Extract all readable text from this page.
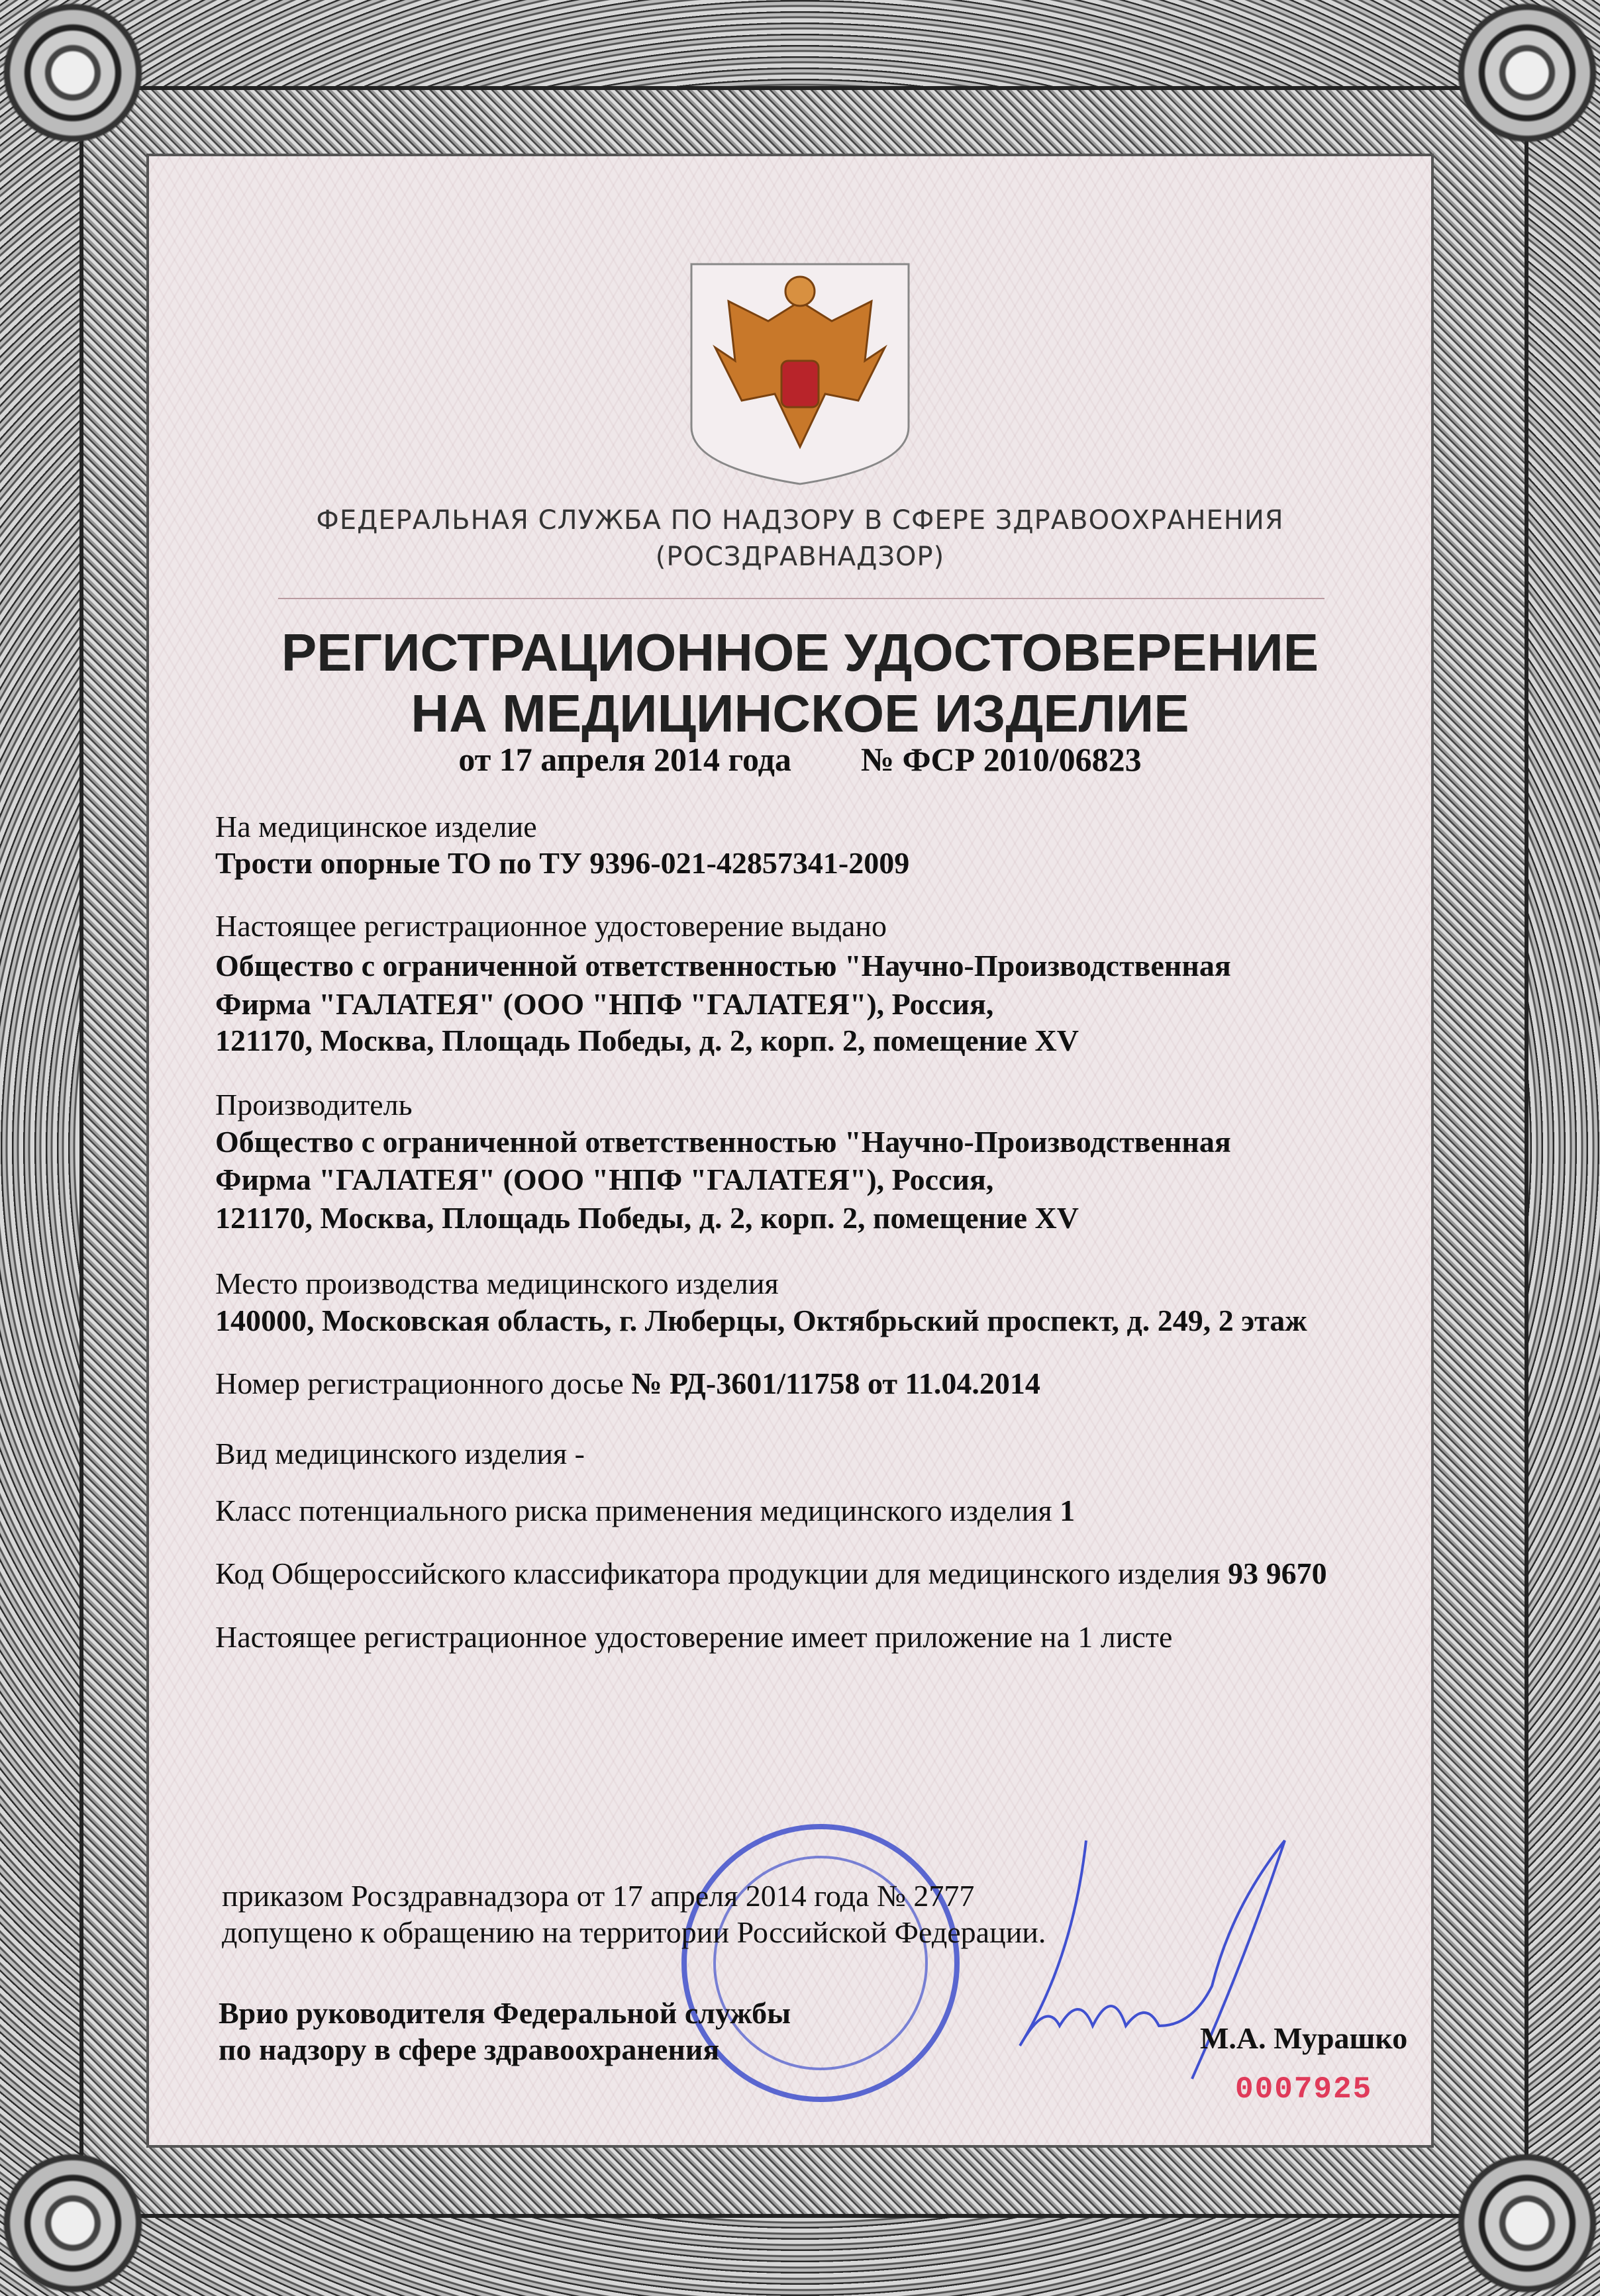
ФЕДЕРАЛЬНАЯ СЛУЖБА ПО НАДЗОРУ В СФЕРЕ ЗДРАВООХРАНЕНИЯ
(РОСЗДРАВНАДЗОР)
РЕГИСТРАЦИОННОЕ УДОСТОВЕРЕНИЕ
НА МЕДИЦИНСКОЕ ИЗДЕЛИЕ
от 17 апреля 2014 года № ФСР 2010/06823
На медицинское изделие
Трости опорные ТО по ТУ 9396-021-42857341-2009
Настоящее регистрационное удостоверение выдано
Общество с ограниченной ответственностью "Научно-Производственная
Фирма "ГАЛАТЕЯ" (ООО "НПФ "ГАЛАТЕЯ"), Россия,
121170, Москва, Площадь Победы, д. 2, корп. 2, помещение XV
Производитель
Общество с ограниченной ответственностью "Научно-Производственная
Фирма "ГАЛАТЕЯ" (ООО "НПФ "ГАЛАТЕЯ"), Россия,
121170, Москва, Площадь Победы, д. 2, корп. 2, помещение XV
Место производства медицинского изделия
140000, Московская область, г. Люберцы, Октябрьский проспект, д. 249, 2 этаж
Номер регистрационного досье № РД-3601/11758 от 11.04.2014
Вид медицинского изделия -
Класс потенциального риска применения медицинского изделия 1
Код Общероссийского классификатора продукции для медицинского изделия 93 9670
Настоящее регистрационное удостоверение имеет приложение на 1 листе
приказом Росздравнадзора от 17 апреля 2014 года № 2777
допущено к обращению на территории Российской Федерации.
Врио руководителя Федеральной службы
по надзору в сфере здравоохранения	М.А. Мурашко
0007925
